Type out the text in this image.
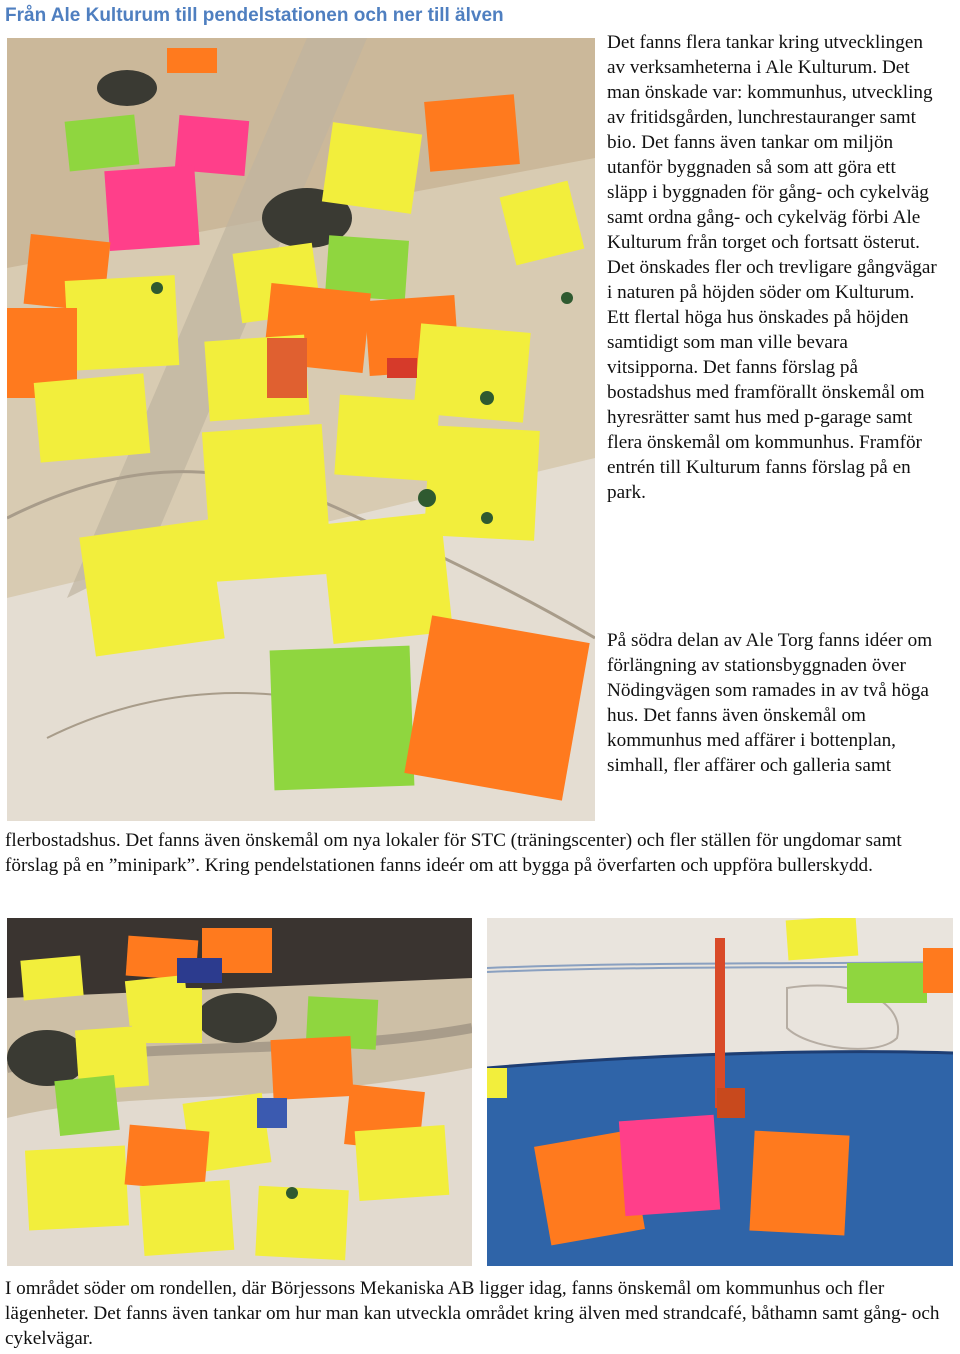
Från Ale Kulturum till pendelstationen och ner till älven

Det fanns flera tankar kring utvecklingen av verksamheterna i Ale Kulturum. Det man önskade var: kommunhus, utveckling av fritidsgården, lunchrestauranger samt bio. Det fanns även tankar om miljön utanför byggnaden så som att göra ett släpp i byggnaden för gång- och cykelväg samt ordna gång- och cykelväg förbi Ale Kulturum från torget och fortsatt österut. Det önskades fler och trevligare gångvägar i naturen på höjden söder om Kulturum. Ett flertal höga hus önskades på höjden samtidigt som man ville bevara vitsipporna. Det fanns förslag på bostadshus med framförallt önskemål om hyresrätter samt hus med p-garage samt flera önskemål om kommunhus. Framför entrén till Kulturum fanns förslag på en park.

På södra delan av Ale Torg fanns idéer om förlängning av stationsbyggnaden över Nödingvägen som ramades in av två höga hus. Det fanns även önskemål om kommunhus med affärer i bottenplan, simhall, fler affärer och galleria samt

flerbostadshus. Det fanns även önskemål om nya lokaler för STC (träningscenter) och fler ställen för ungdomar samt förslag på en ”minipark”. Kring pendelstationen fanns ideér om att bygga på överfarten och uppföra bullerskydd.

I området söder om rondellen, där Börjessons Mekaniska AB ligger idag, fanns önskemål om kommunhus och fler lägenheter. Det fanns även tankar om hur man kan utveckla området kring älven med strandcafé, båthamn samt gång- och cykelvägar.
